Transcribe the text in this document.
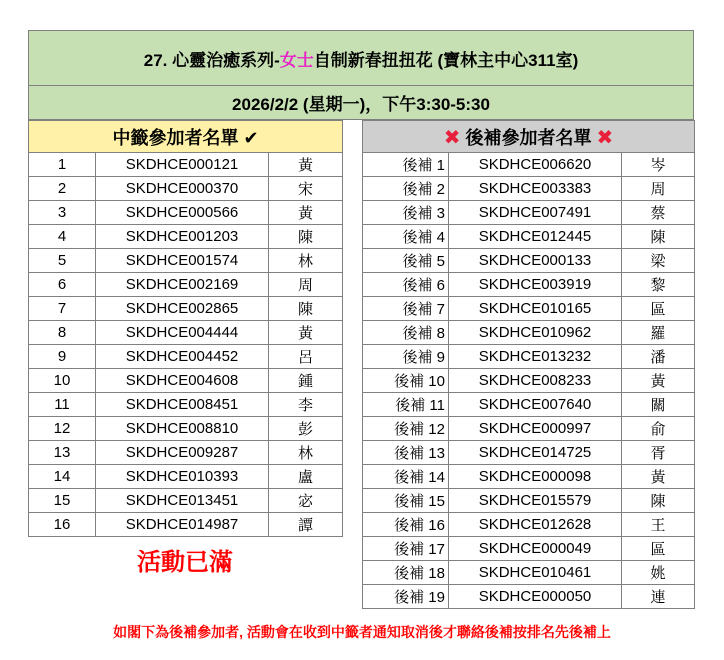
27. 心靈治癒系列- 女士 自制新春扭扭花 (寶林主中心311室)
2026/2/2 (星期一)，下午3:30-5:30
中籤參加者名單 ✔		
1	SKDHCE000121	黃
2	SKDHCE000370	宋
3	SKDHCE000566	黃
4	SKDHCE001203	陳
5	SKDHCE001574	林
6	SKDHCE002169	周
7	SKDHCE002865	陳
8	SKDHCE004444	黃
9	SKDHCE004452	呂
10	SKDHCE004608	鍾
11	SKDHCE008451	李
12	SKDHCE008810	彭
13	SKDHCE009287	林
14	SKDHCE010393	盧
15	SKDHCE013451	宓
16	SKDHCE014987	譚
✖ 後補參加者名單 ✖		
後補 1	SKDHCE006620	岑
後補 2	SKDHCE003383	周
後補 3	SKDHCE007491	蔡
後補 4	SKDHCE012445	陳
後補 5	SKDHCE000133	梁
後補 6	SKDHCE003919	黎
後補 7	SKDHCE010165	區
後補 8	SKDHCE010962	羅
後補 9	SKDHCE013232	潘
後補 10	SKDHCE008233	黃
後補 11	SKDHCE007640	關
後補 12	SKDHCE000997	俞
後補 13	SKDHCE014725	胥
後補 14	SKDHCE000098	黃
後補 15	SKDHCE015579	陳
後補 16	SKDHCE012628	王
後補 17	SKDHCE000049	區
後補 18	SKDHCE010461	姚
後補 19	SKDHCE000050	連
活動已滿
如閣下為後補參加者, 活動會在收到中籤者通知取消後才聯絡後補按排名先後補上
